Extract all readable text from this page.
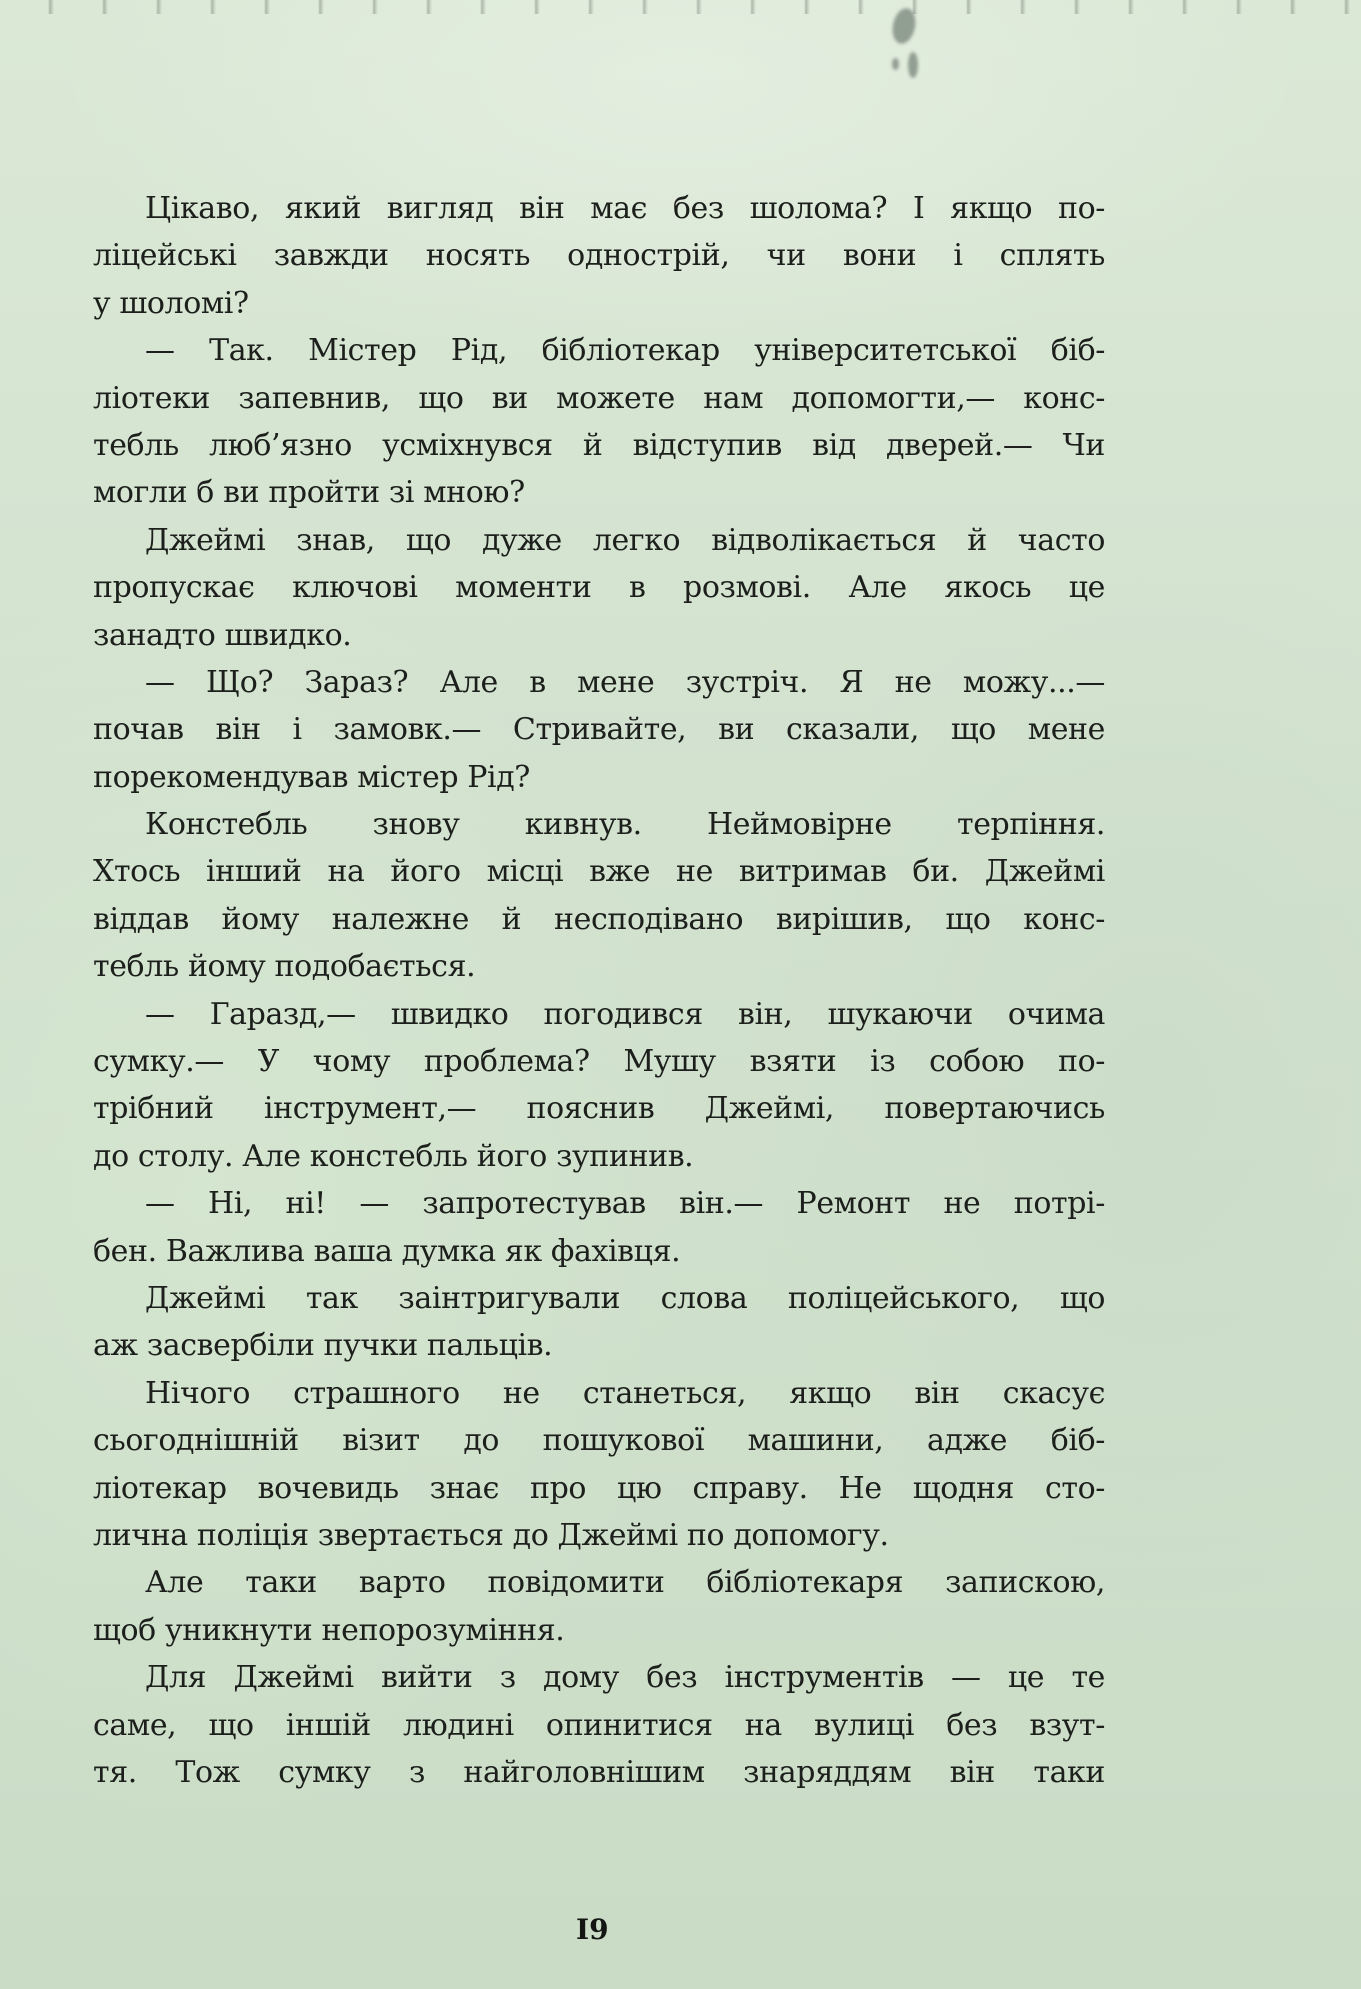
Цікаво, який вигляд він має без шолома? І якщо по-
ліцейські завжди носять однострій, чи вони і сплять
у шоломі?
— Так. Містер Рід, бібліотекар університетської біб-
ліотеки запевнив, що ви можете нам допомогти,— конс-
тебль люб’язно усміхнувся й відступив від дверей.— Чи
могли б ви пройти зі мною?
Джеймі знав, що дуже легко відволікається й часто
пропускає ключові моменти в розмові. Але якось це
занадто швидко.
— Що? Зараз? Але в мене зустріч. Я не можу...—
почав він і замовк.— Стривайте, ви сказали, що мене
порекомендував містер Рід?
Констебль знову кивнув. Неймовірне терпіння.
Хтось інший на його місці вже не витримав би. Джеймі
віддав йому належне й несподівано вирішив, що конс-
тебль йому подобається.
— Гаразд,— швидко погодився він, шукаючи очима
сумку.— У чому проблема? Мушу взяти із собою по-
трібний інструмент,— пояснив Джеймі, повертаючись
до столу. Але констебль його зупинив.
— Ні, ні! — запротестував він.— Ремонт не потрі-
бен. Важлива ваша думка як фахівця.
Джеймі так заінтригували слова поліцейського, що
аж засвербіли пучки пальців.
Нічого страшного не станеться, якщо він скасує
сьогоднішній візит до пошукової машини, адже біб-
ліотекар вочевидь знає про цю справу. Не щодня сто-
лична поліція звертається до Джеймі по допомогу.
Але таки варто повідомити бібліотекаря запискою,
щоб уникнути непорозуміння.
Для Джеймі вийти з дому без інструментів — це те
саме, що іншій людині опинитися на вулиці без взут-
тя. Тож сумку з найголовнішим знаряддям він таки
I9
